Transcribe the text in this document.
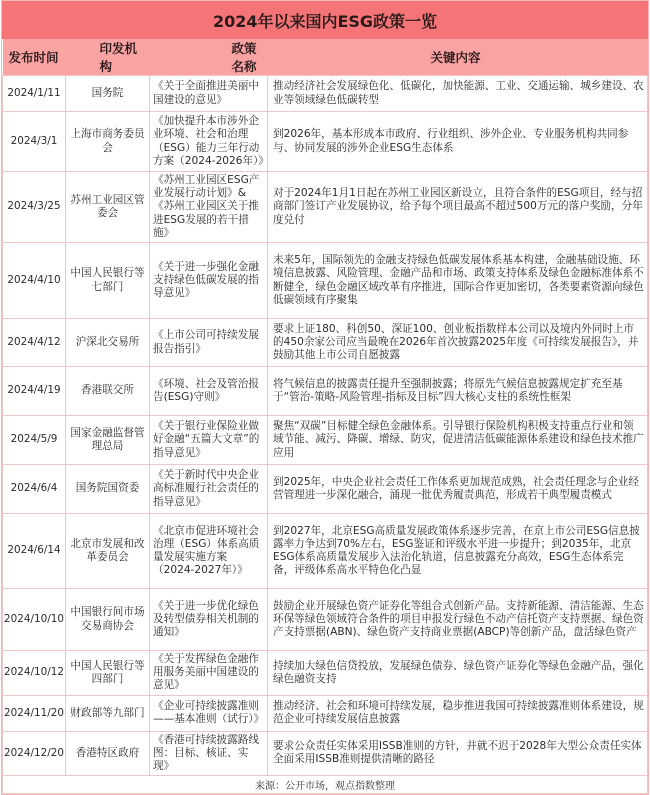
2024年以来国内ESG政策一览
发布时间	印发机构	政策名称	关键内容
2024/1/11	国务院	《关于全面推进美丽中国建设的意见》	推动经济社会发展绿色化、低碳化，加快能源、工业、交通运输、城乡建设、农业等领域绿色低碳转型
2024/3/1	上海市商务委员会	《加快提升本市涉外企业环境、社会和治理（ESG）能力三年行动方案（2024-2026年）》	到2026年，基本形成本市政府、行业组织、涉外企业、专业服务机构共同参与、协同发展的涉外企业ESG生态体系
2024/3/25	苏州工业园区管委会	《苏州工业园区ESG产业发展行动计划》&《苏州工业园区关于推进ESG发展的若干措施》	对于2024年1月1日起在苏州工业园区新设立，且符合条件的ESG项目，经与招商部门签订产业发展协议，给予每个项目最高不超过500万元的落户奖励，分年度兑付
2024/4/10	中国人民银行等七部门	《关于进一步强化金融支持绿色低碳发展的指导意见》	未来5年，国际领先的金融支持绿色低碳发展体系基本构建，金融基础设施、环境信息披露、风险管理、金融产品和市场、政策支持体系及绿色金融标准体系不断健全，绿色金融区域改革有序推进，国际合作更加密切，各类要素资源向绿色低碳领域有序聚集
2024/4/12	沪深北交易所	《上市公司可持续发展报告指引》	要求上证180、科创50、深证100、创业板指数样本公司以及境内外同时上市的450余家公司应当最晚在2026年首次披露2025年度《可持续发展报告》，并鼓励其他上市公司自愿披露
2024/4/19	香港联交所	《环境、社会及管治报告(ESG)守则》	将气候信息的披露责任提升至强制披露；将原先气候信息披露规定扩充至基于“管治-策略-风险管理-指标及目标”四大核心支柱的系统性框架
2024/5/9	国家金融监督管理总局	《关于银行业保险业做好金融“五篇大文章”的指导意见》	聚焦“双碳”目标健全绿色金融体系。引导银行保险机构积极支持重点行业和领域节能、减污、降碳、增绿、防灾，促进清洁低碳能源体系建设和绿色技术推广应用
2024/6/4	国务院国资委	《关于新时代中央企业高标准履行社会责任的指导意见》	到2025年，中央企业社会责任工作体系更加规范成熟，社会责任理念与企业经营管理进一步深化融合，涌现一批优秀履责典范，形成若干典型履责模式
2024/6/14	北京市发展和改革委员会	《北京市促进环境社会治理（ESG）体系高质量发展实施方案（2024-2027年）》	到2027年，北京ESG高质量发展政策体系逐步完善，在京上市公司ESG信息披露率力争达到70%左右，ESG鉴证和评级水平进一步提升；到2035年，北京ESG体系高质量发展步入法治化轨道，信息披露充分高效，ESG生态体系完备，评级体系高水平特色化凸显
2024/10/10	中国银行间市场交易商协会	《关于进一步优化绿色及转型债券相关机制的通知》	鼓励企业开展绿色资产证券化等组合式创新产品。支持新能源、清洁能源、生态环保等绿色领域符合条件的项目申报发行绿色不动产信托资产支持票据、绿色资产支持票据(ABN)、绿色资产支持商业票据(ABCP)等创新产品，盘活绿色资产
2024/10/12	中国人民银行等四部门	《关于发挥绿色金融作用服务美丽中国建设的意见》	持续加大绿色信贷投放，发展绿色债券、绿色资产证券化等绿色金融产品，强化绿色融资支持
2024/11/20	财政部等九部门	《企业可持续披露准则——基本准则（试行）》	推动经济、社会和环境可持续发展，稳步推进我国可持续披露准则体系建设，规范企业可持续发展信息披露
2024/12/20	香港特区政府	《香港可持续披露路线图：目标、核证、实现》	要求公众责任实体采用ISSB准则的方针，并就不迟于2028年大型公众责任实体全面采用ISSB准则提供清晰的路径
来源：公开市场，观点指数整理			
